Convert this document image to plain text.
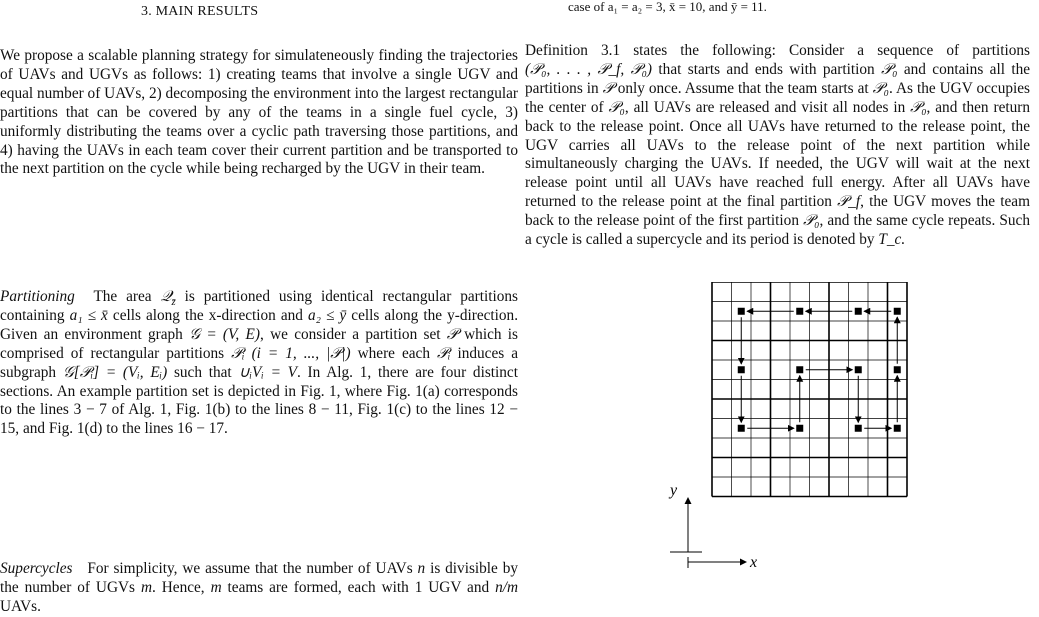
3. MAIN RESULTS

We propose a scalable planning strategy for simulateneously finding the trajectories of UAVs and UGVs as follows: 1) creating teams that involve a single UGV and equal number of UAVs, 2) decomposing the environment into the largest rectangular partitions that can be covered by any of the teams in a single fuel cycle, 3) uniformly distributing the teams over a cyclic path traversing those partitions, and 4) having the UAVs in each team cover their current partition and be transported to the next partition on the cycle while being recharged by the UGV in their team.

Partitioning The area 𝒬$_{z̄}$ is partitioned using identical rectangular partitions containing a₁ ≤ x̄ cells along the x-direction and a₂ ≤ ȳ cells along the y-direction. Given an environment graph 𝒢 = (V, E), we consider a partition set 𝒫 which is comprised of rectangular partitions 𝒫ᵢ (i = 1, ..., |𝒫|) where each 𝒫ᵢ induces a subgraph 𝒢[𝒫ᵢ] = (Vᵢ, Eᵢ) such that ∪ᵢVᵢ = V. In Alg. 1, there are four distinct sections. An example partition set is depicted in Fig. 1, where Fig. 1(a) corresponds to the lines 3 − 7 of Alg. 1, Fig. 1(b) to the lines 8 − 11, Fig. 1(c) to the lines 12 − 15, and Fig. 1(d) to the lines 16 − 17.

Supercycles For simplicity, we assume that the number of UAVs n is divisible by the number of UGVs m. Hence, m teams are formed, each with 1 UGV and n/m UAVs.

case of a₁ = a₂ = 3, x̄ = 10, and ȳ = 11.

Definition 3.1 states the following: Consider a sequence of partitions (𝒫₀, . . . , 𝒫_f, 𝒫₀) that starts and ends with partition 𝒫₀ and contains all the partitions in 𝒫 only once. Assume that the team starts at 𝒫₀. As the UGV occupies the center of 𝒫₀, all UAVs are released and visit all nodes in 𝒫₀, and then return back to the release point. Once all UAVs have returned to the release point, the UGV carries all UAVs to the release point of the next partition while simultaneously charging the UAVs. If needed, the UGV will wait at the next release point until all UAVs have reached full energy. After all UAVs have returned to the release point at the final partition 𝒫_f, the UGV moves the team back to the release point of the first partition 𝒫₀, and the same cycle repeats. Such a cycle is called a supercycle and its period is denoted by T_c.

y
x
